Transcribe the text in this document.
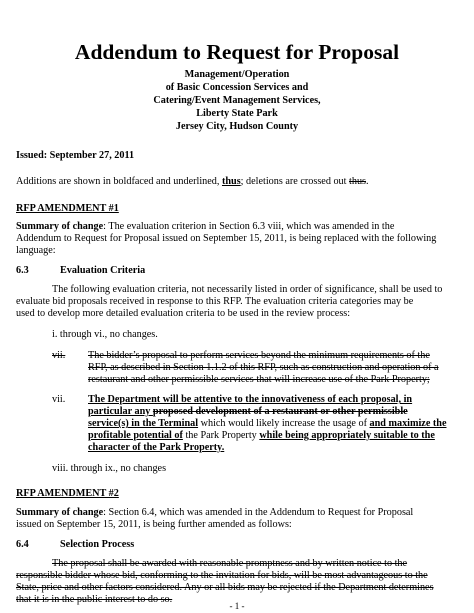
Addendum to Request for Proposal
Management/Operation
of Basic Concession Services and
Catering/Event Management Services,
Liberty State Park
Jersey City, Hudson County
Issued: September 27, 2011
Additions are shown in boldfaced and underlined, thus; deletions are crossed out thus.
RFP AMENDMENT #1
Summary of change: The evaluation criterion in Section 6.3 viii, which was amended in the
Addendum to Request for Proposal issued on September 15, 2011, is being replaced with the following
language:
6.3	Evaluation Criteria
The following evaluation criteria, not necessarily listed in order of significance, shall be used to
evaluate bid proposals received in response to this RFP. The evaluation criteria categories may be
used to develop more detailed evaluation criteria to be used in the review process:
i. through vi., no changes.
vii. The bidder’s proposal to perform services beyond the minimum requirements of the
RFP, as described in Section 1.1.2 of this RFP, such as construction and operation of a
restaurant and other permissible services that will increase use of the Park Property;
vii. The Department will be attentive to the innovativeness of each proposal, in
particular any proposed development of a restaurant or other permissible
service(s) in the Terminal which would likely increase the usage of and maximize the
profitable potential of the Park Property while being appropriately suitable to the
character of the Park Property.
viii. through ix., no changes
RFP AMENDMENT #2
Summary of change: Section 6.4, which was amended in the Addendum to Request for Proposal
issued on September 15, 2011, is being further amended as follows:
6.4	Selection Process
The proposal shall be awarded with reasonable promptness and by written notice to the
responsible bidder whose bid, conforming to the invitation for bids, will be most advantageous to the
State, price and other factors considered. Any or all bids may be rejected if the Department determines
that it is in the public interest to do so.
- 1 -
